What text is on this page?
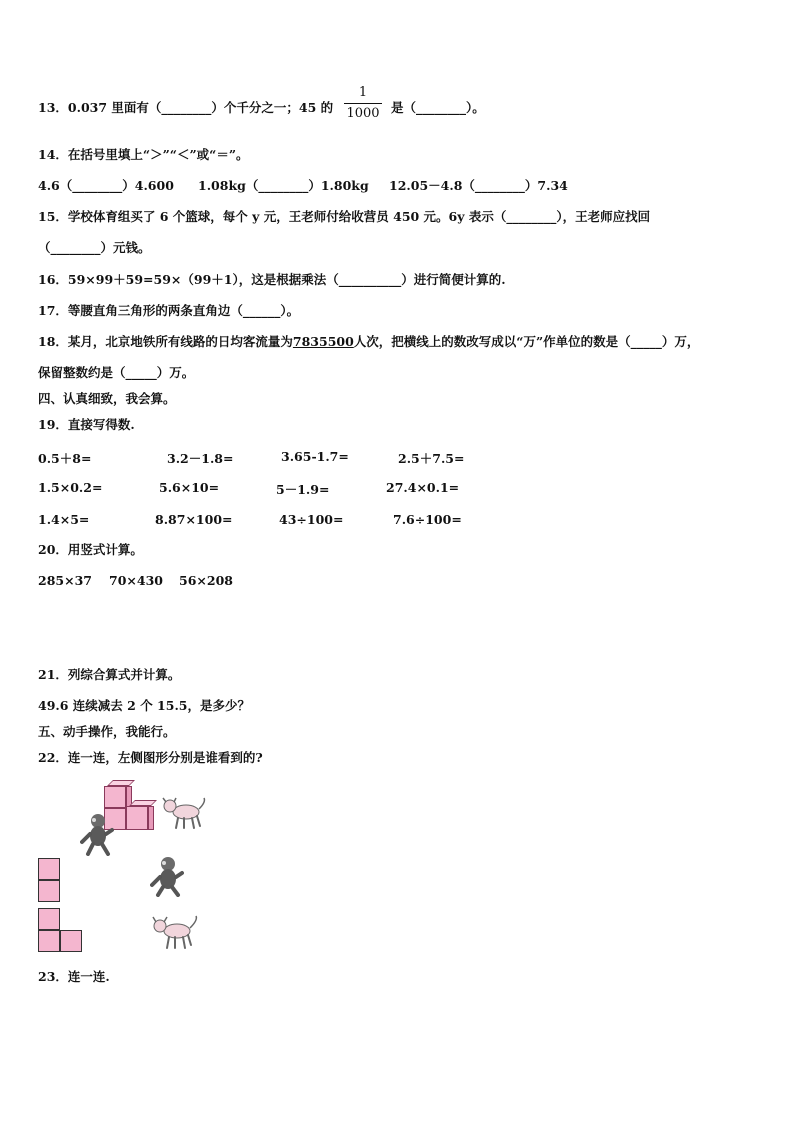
13．0.037 里面有（________）个千分之一；45 的
1
1000 是（________）。
14．在括号里填上“＞”“＜”或“＝”。
4.6（________）4.600 1.08kg（________）1.80kg 12.05－4.8（________）7.34
15．学校体育组买了 6 个篮球，每个 y 元，王老师付给收营员 450 元。6y 表示（________），王老师应找回
（________）元钱。
16．59×99＋59=59×（99＋1），这是根据乘法（__________）进行简便计算的.
17．等腰直角三角形的两条直角边（______）。
18．某月，北京地铁所有线路的日均客流量为7835500人次，把横线上的数改写成以“万”作单位的数是（_____）万，
保留整数约是（_____）万。
四、认真细致，我会算。
19．直接写得数.
0.5＋8=	3.2－1.8=	3.65-1.7=	2.5＋7.5=
1.5×0.2=	5.6×10=	5－1.9=	27.4×0.1=
1.4×5=	8.87×100=	43÷100=	7.6÷100=
20．用竖式计算。
285×37 70×430 56×208
21．列综合算式并计算。
49.6 连续减去 2 个 15.5，是多少？
五、动手操作，我能行。
22．连一连，左侧图形分别是谁看到的?
23．连一连.
